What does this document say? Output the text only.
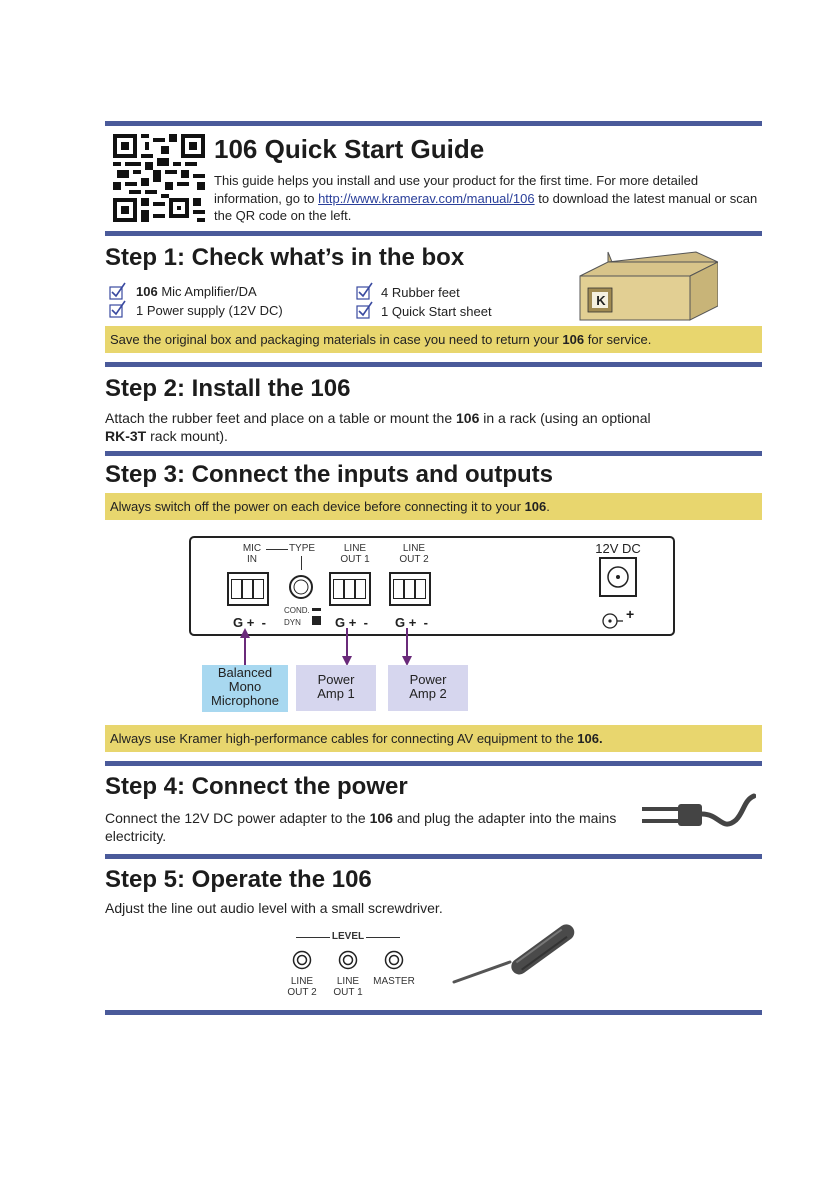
106 Quick Start Guide
This guide helps you install and use your product for the first time. For more detailed information, go to http://www.kramerav.com/manual/106 to download the latest manual or scan the QR code on the left.
Step 1: Check what’s in the box
106 Mic Amplifier/DA
1 Power supply (12V DC)
4 Rubber feet
1 Quick Start sheet
K
Save the original box and packaging materials in case you need to return your 106 for service.
Step 2: Install the 106
Attach the rubber feet and place on a table or mount the 106 in a rack (using an optional
RK-3T rack mount).
Step 3: Connect the inputs and outputs
Always switch off the power on each device before connecting it to your 106.
MIC
IN
TYPE	LINE
OUT 1
LINE
OUT 2
12V DC
COND.
DYN
G + -	G + - G + -
+
Balanced
Mono
Microphone
Power
Amp 1
Power
Amp 2
Always use Kramer high-performance cables for connecting AV equipment to the 106.
Step 4: Connect the power
Connect the 12V DC power adapter to the 106 and plug the adapter into the mains electricity.
Step 5: Operate the 106
Adjust the line out audio level with a small screwdriver.
LEVEL
LINE
OUT 2
LINE
OUT 1
MASTER
